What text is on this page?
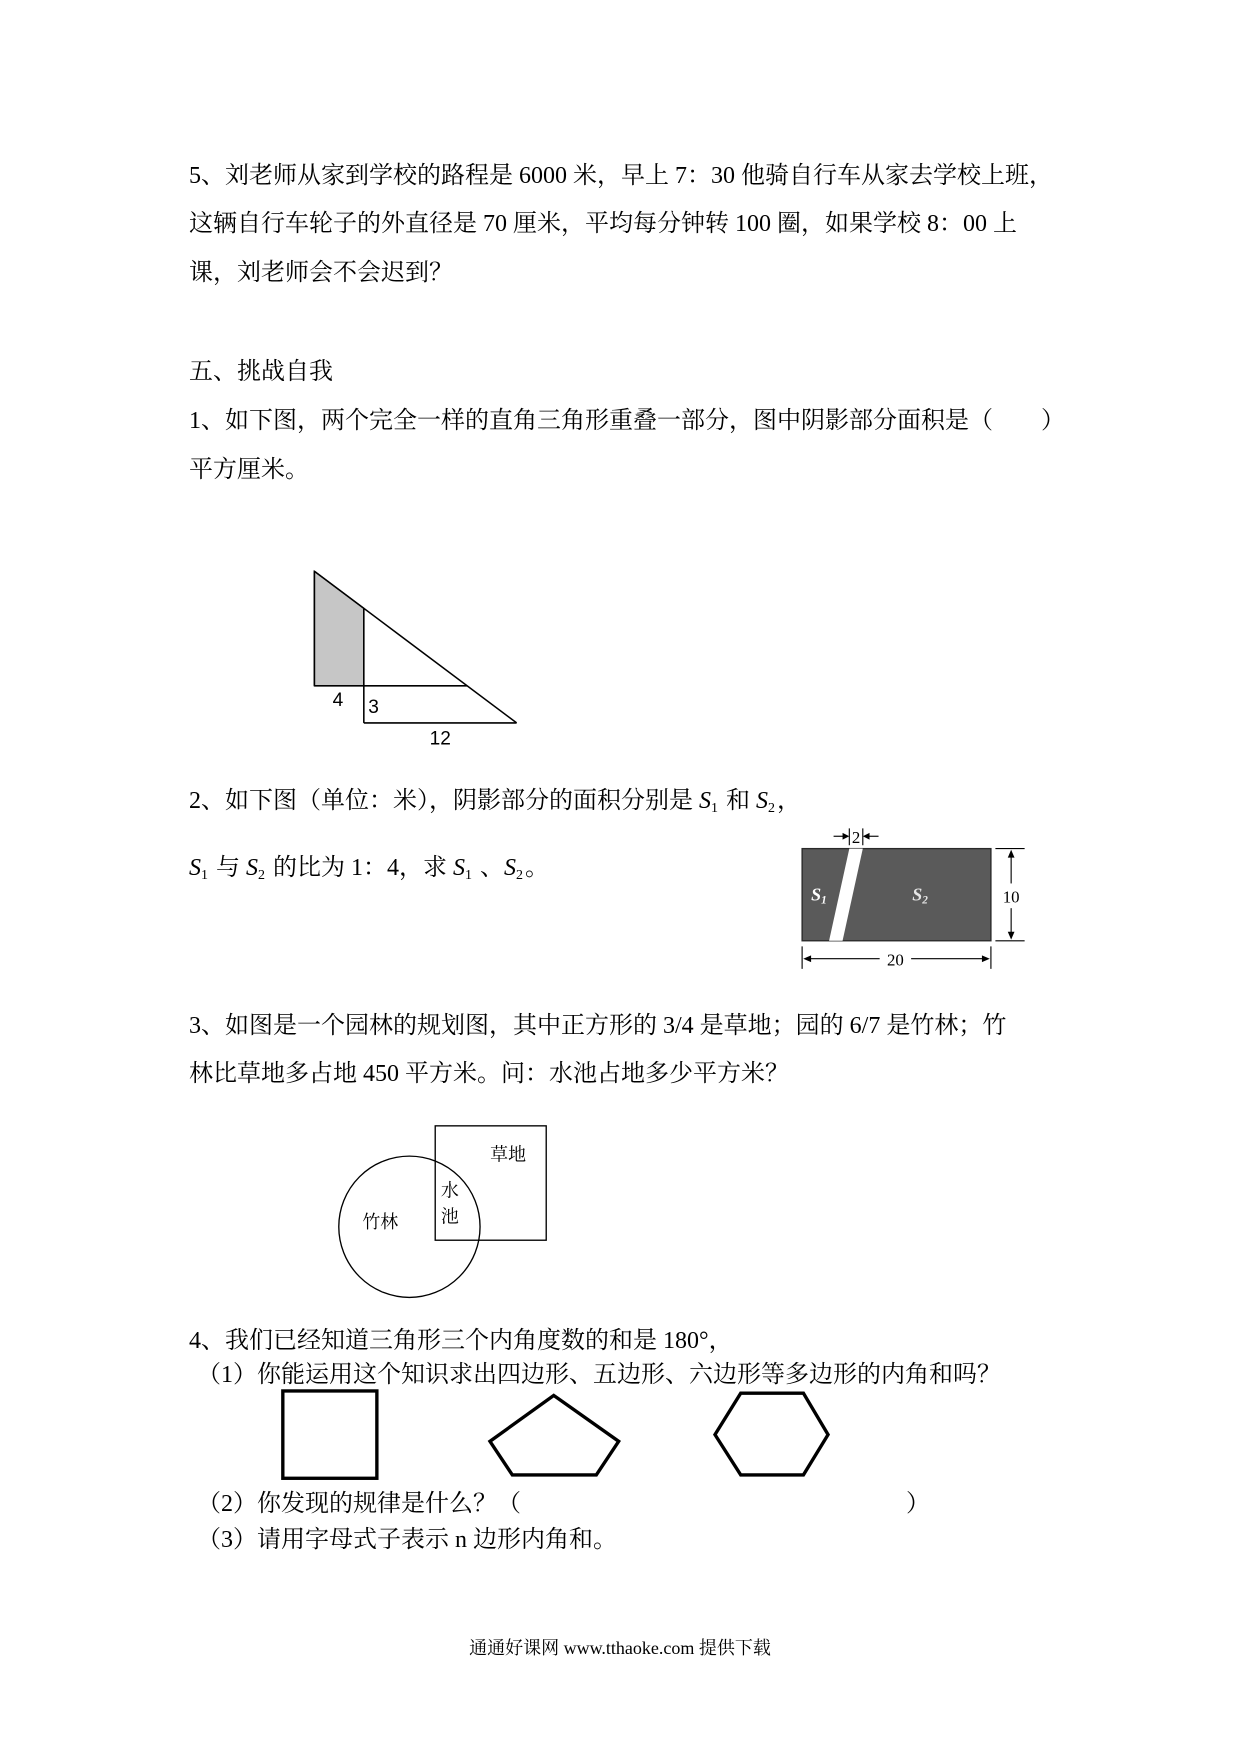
5、刘老师从家到学校的路程是 6000 米，早上 7：30 他骑自行车从家去学校上班，
这辆自行车轮子的外直径是 70 厘米，平均每分钟转 100 圈，如果学校 8：00 上
课，刘老师会不会迟到？
五、挑战自我
1、如下图，两个完全一样的直角三角形重叠一部分，图中阴影部分面积是（　　）
平方厘米。
4 3
12
2、如下图（单位：米），阴影部分的面积分别是 $S_1$ 和 $S_2$，
$S_1$ 与 $S_2$ 的比为 1：4，求 $S_1$ 、$S_2$。
2
10
20
S1	S2
3、如图是一个园林的规划图，其中正方形的 3/4 是草地；园的 6/7 是竹林；竹
林比草地多占地 450 平方米。问：水池占地多少平方米？
草地
水
池
竹林
4、我们已经知道三角形三个内角度数的和是 180°，
（1）你能运用这个知识求出四边形、五边形、六边形等多边形的内角和吗？
（2）你发现的规律是什么？（	）
（3）请用字母式子表示 n 边形内角和。
通通好课网 www.tthaoke.com 提供下载
